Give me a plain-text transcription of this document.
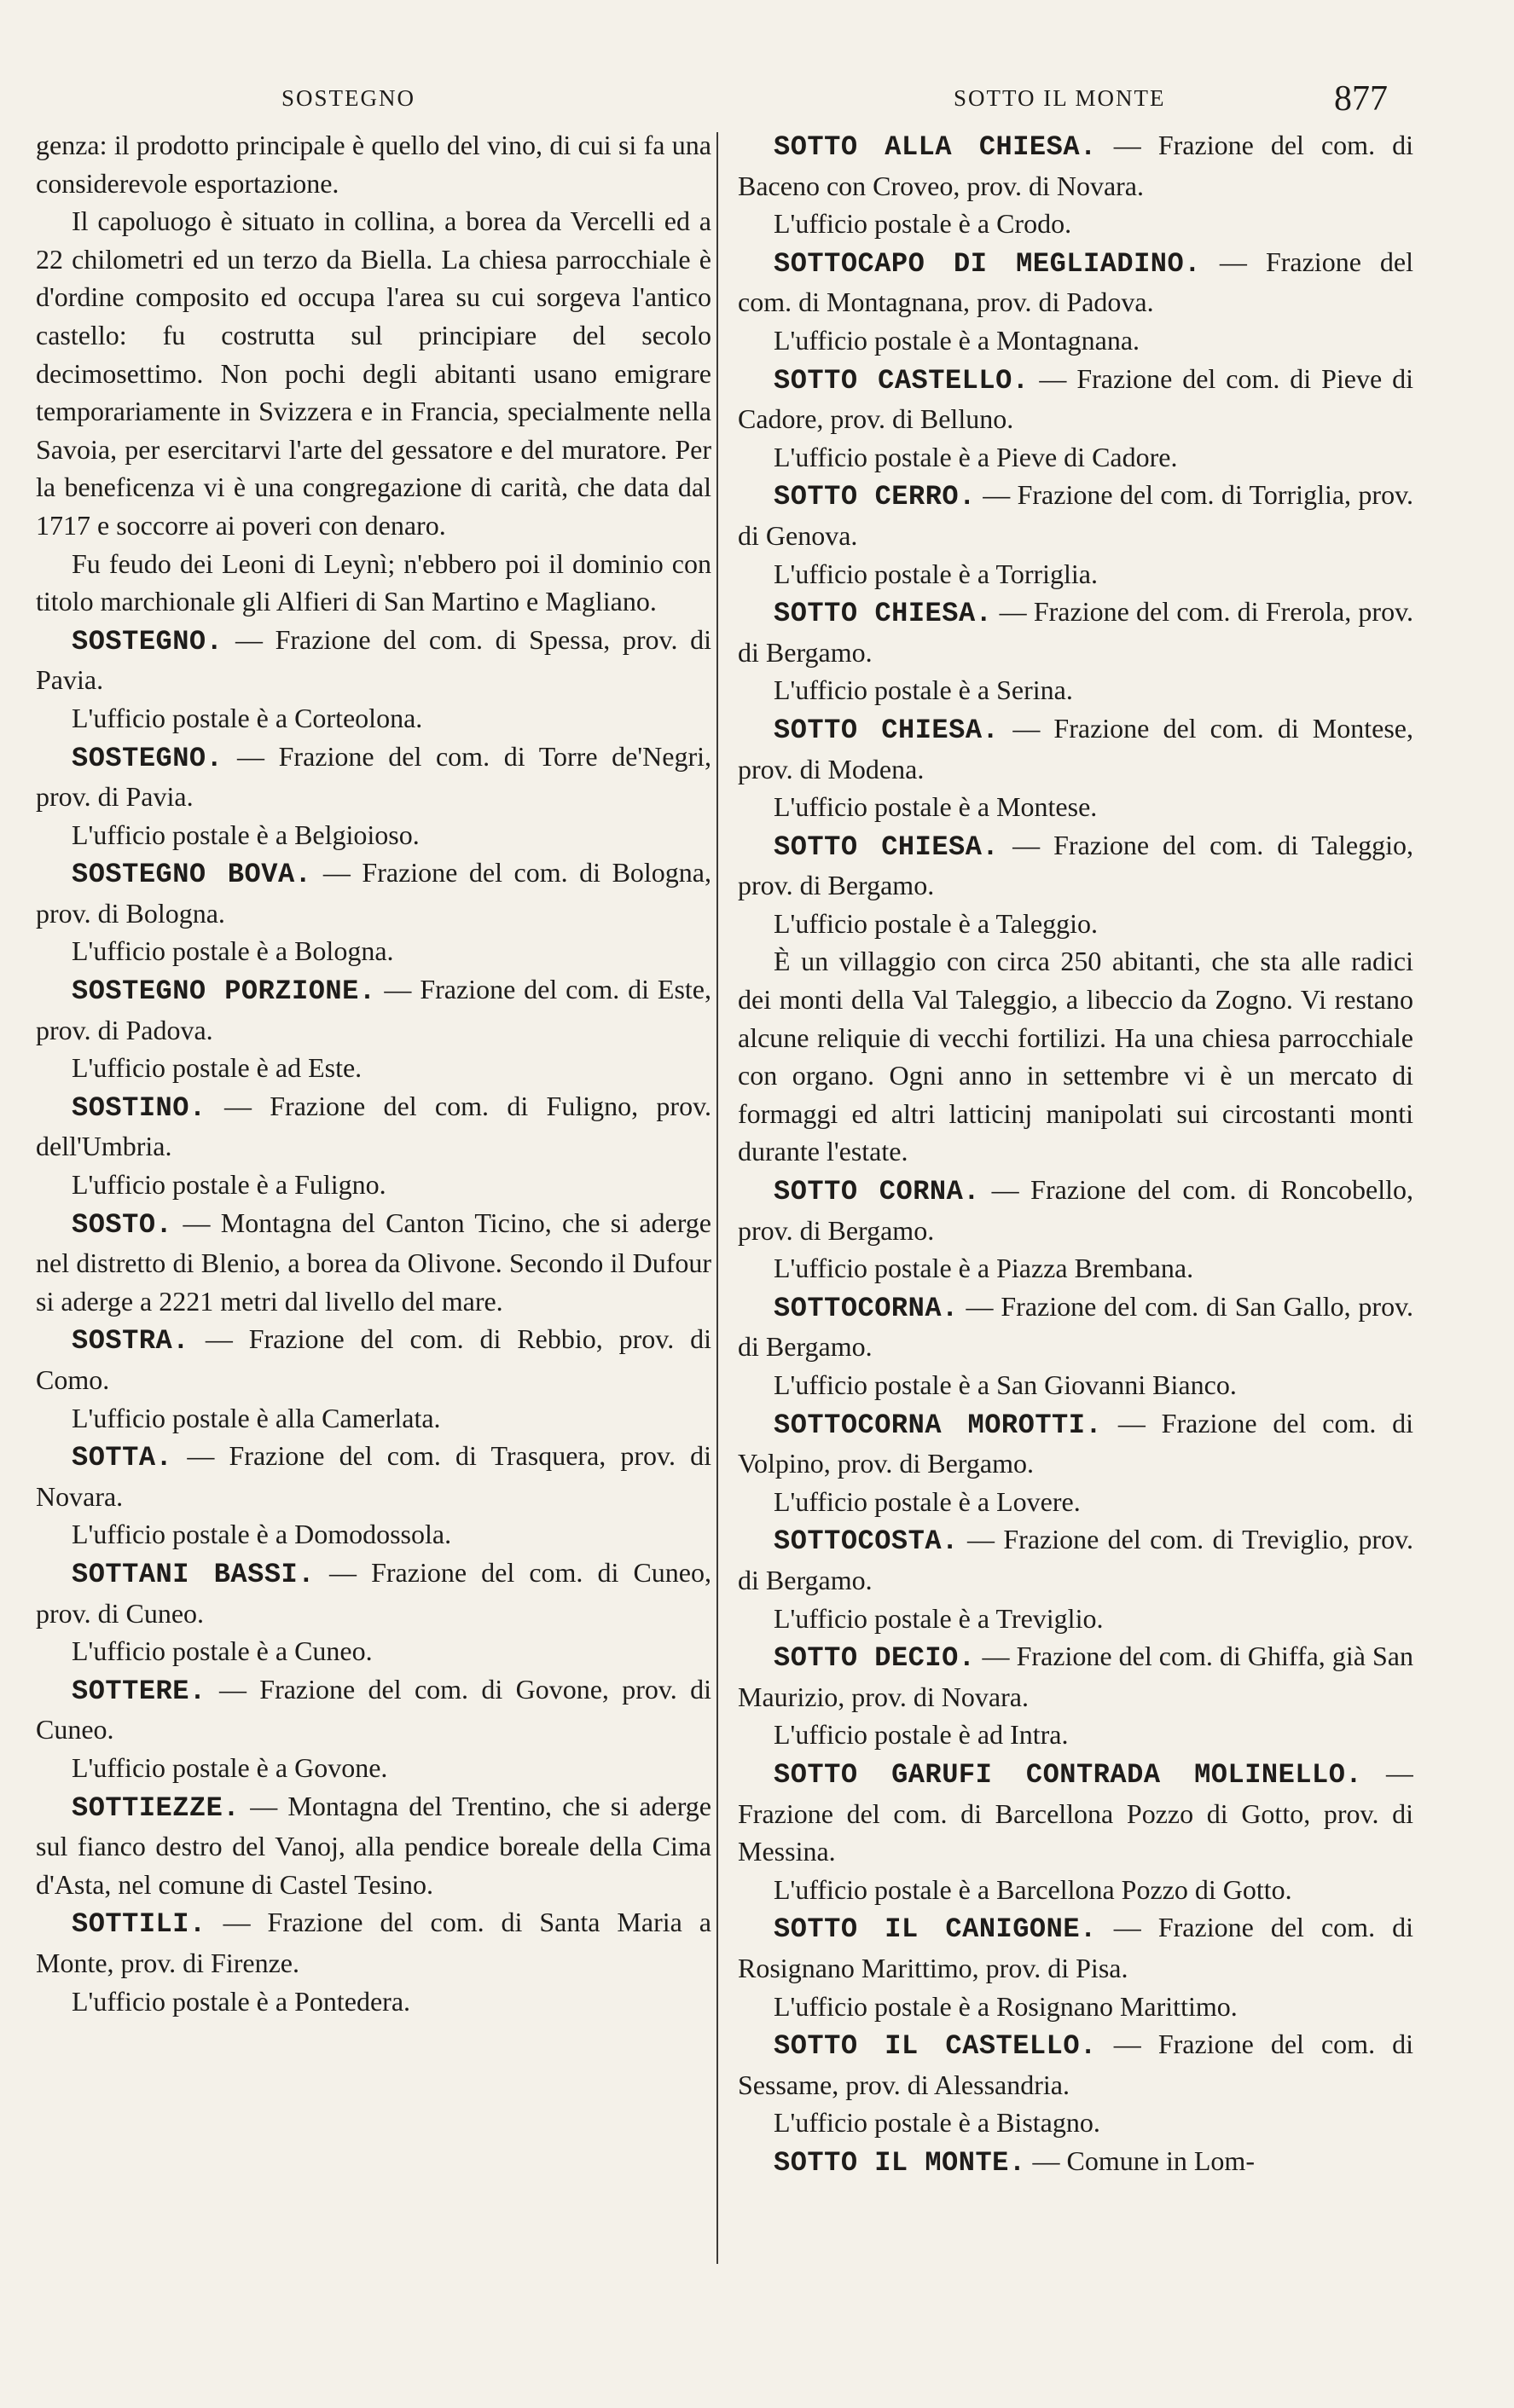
SOSTEGNO	SOTTO IL MONTE	877

genza: il prodotto principale è quello del vino, di cui si fa una considerevole esportazione.

Il capoluogo è situato in collina, a borea da Vercelli ed a 22 chilometri ed un terzo da Biella. La chiesa parrocchiale è d'ordine composito ed occupa l'area su cui sorgeva l'antico castello: fu costrutta sul principiare del secolo decimosettimo. Non pochi degli abitanti usano emigrare temporariamente in Svizzera e in Francia, specialmente nella Savoia, per esercitarvi l'arte del gessatore e del muratore. Per la beneficenza vi è una congregazione di carità, che data dal 1717 e soccorre ai poveri con denaro.

Fu feudo dei Leoni di Leynì; n'ebbero poi il dominio con titolo marchionale gli Alfieri di San Martino e Magliano.

SOSTEGNO. — Frazione del com. di Spessa, prov. di Pavia.

L'ufficio postale è a Corteolona.

SOSTEGNO. — Frazione del com. di Torre de'Negri, prov. di Pavia.

L'ufficio postale è a Belgioioso.

SOSTEGNO BOVA. — Frazione del com. di Bologna, prov. di Bologna.

L'ufficio postale è a Bologna.

SOSTEGNO PORZIONE. — Frazione del com. di Este, prov. di Padova.

L'ufficio postale è ad Este.

SOSTINO. — Frazione del com. di Fuligno, prov. dell'Umbria.

L'ufficio postale è a Fuligno.

SOSTO. — Montagna del Canton Ticino, che si aderge nel distretto di Blenio, a borea da Olivone. Secondo il Dufour si aderge a 2221 metri dal livello del mare.

SOSTRA. — Frazione del com. di Rebbio, prov. di Como.

L'ufficio postale è alla Camerlata.

SOTTA. — Frazione del com. di Trasquera, prov. di Novara.

L'ufficio postale è a Domodossola.

SOTTANI BASSI. — Frazione del com. di Cuneo, prov. di Cuneo.

L'ufficio postale è a Cuneo.

SOTTERE. — Frazione del com. di Govone, prov. di Cuneo.

L'ufficio postale è a Govone.

SOTTIEZZE. — Montagna del Trentino, che si aderge sul fianco destro del Vanoj, alla pendice boreale della Cima d'Asta, nel comune di Castel Tesino.

SOTTILI. — Frazione del com. di Santa Maria a Monte, prov. di Firenze.

L'ufficio postale è a Pontedera.

SOTTO ALLA CHIESA. — Frazione del com. di Baceno con Croveo, prov. di Novara.

L'ufficio postale è a Crodo.

SOTTOCAPO DI MEGLIADINO. — Frazione del com. di Montagnana, prov. di Padova.

L'ufficio postale è a Montagnana.

SOTTO CASTELLO. — Frazione del com. di Pieve di Cadore, prov. di Belluno.

L'ufficio postale è a Pieve di Cadore.

SOTTO CERRO. — Frazione del com. di Torriglia, prov. di Genova.

L'ufficio postale è a Torriglia.

SOTTO CHIESA. — Frazione del com. di Frerola, prov. di Bergamo.

L'ufficio postale è a Serina.

SOTTO CHIESA. — Frazione del com. di Montese, prov. di Modena.

L'ufficio postale è a Montese.

SOTTO CHIESA. — Frazione del com. di Taleggio, prov. di Bergamo.

L'ufficio postale è a Taleggio.

È un villaggio con circa 250 abitanti, che sta alle radici dei monti della Val Taleggio, a libeccio da Zogno. Vi restano alcune reliquie di vecchi fortilizi. Ha una chiesa parrocchiale con organo. Ogni anno in settembre vi è un mercato di formaggi ed altri latticinj manipolati sui circostanti monti durante l'estate.

SOTTO CORNA. — Frazione del com. di Roncobello, prov. di Bergamo.

L'ufficio postale è a Piazza Brembana.

SOTTOCORNA. — Frazione del com. di San Gallo, prov. di Bergamo.

L'ufficio postale è a San Giovanni Bianco.

SOTTOCORNA MOROTTI. — Frazione del com. di Volpino, prov. di Bergamo.

L'ufficio postale è a Lovere.

SOTTOCOSTA. — Frazione del com. di Treviglio, prov. di Bergamo.

L'ufficio postale è a Treviglio.

SOTTO DECIO. — Frazione del com. di Ghiffa, già San Maurizio, prov. di Novara.

L'ufficio postale è ad Intra.

SOTTO GARUFI CONTRADA MOLINELLO. — Frazione del com. di Barcellona Pozzo di Gotto, prov. di Messina.

L'ufficio postale è a Barcellona Pozzo di Gotto.

SOTTO IL CANIGONE. — Frazione del com. di Rosignano Marittimo, prov. di Pisa.

L'ufficio postale è a Rosignano Marittimo.

SOTTO IL CASTELLO. — Frazione del com. di Sessame, prov. di Alessandria.

L'ufficio postale è a Bistagno.

SOTTO IL MONTE. — Comune in Lom-
